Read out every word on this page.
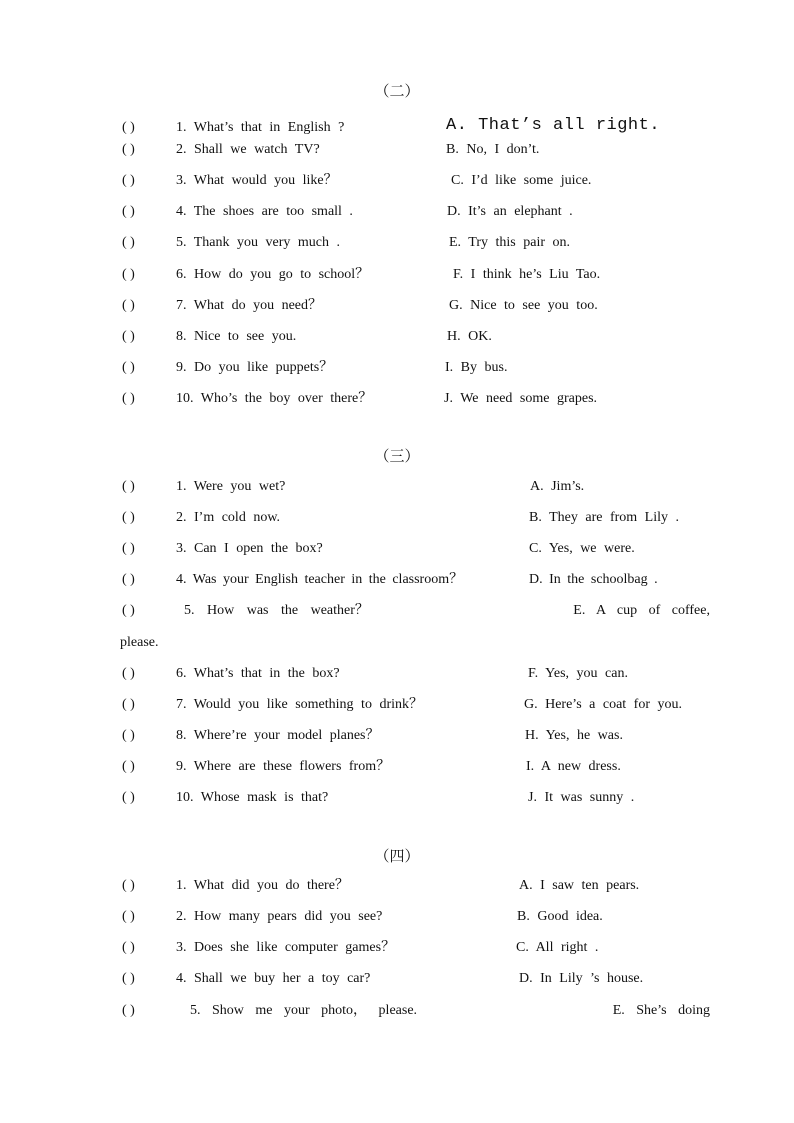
（二）
( )	1. What’s that in English ?	A. That’s all right.
( )	2. Shall we watch TV?	B. No, I don’t.
( )	3. What would you like？	C. I’d like some juice.
( )	4. The shoes are too small .	D. It’s an elephant .
( )	5. Thank you very much .	E. Try this pair on.
( )	6. How do you go to school？	F. I think he’s Liu Tao.
( )	7. What do you need？	G. Nice to see you too.
( )	8. Nice to see you.	H. OK.
( )	9. Do you like puppets？	I. By bus.
( )	10. Who’s the boy over there？	J. We need some grapes.
（三）
( )	1. Were you wet?	A. Jim’s.
( )	2. I’m cold now.	B. They are from Lily .
( )	3. Can I open the box?	C. Yes, we were.
( )	4. Was your English teacher in the classroom？	D. In the schoolbag .
( )	5. How was the weather？	E. A cup of coffee,
please.
( )	6. What’s that in the box?	F. Yes, you can.
( )	7. Would you like something to drink？	G. Here’s a coat for you.
( )	8. Where’re your model planes？	H. Yes, he was.
( )	9. Where are these flowers from？	I. A new dress.
( )	10. Whose mask is that?	J. It was sunny .
（四）
( )	1. What did you do there？	A. I saw ten pears.
( )	2. How many pears did you see?	B. Good idea.
( )	3. Does she like computer games？	C. All right .
( )	4. Shall we buy her a toy car?	D. In Lily ’s house.
( )	5. Show me your photo， please.	E. She’s doing
